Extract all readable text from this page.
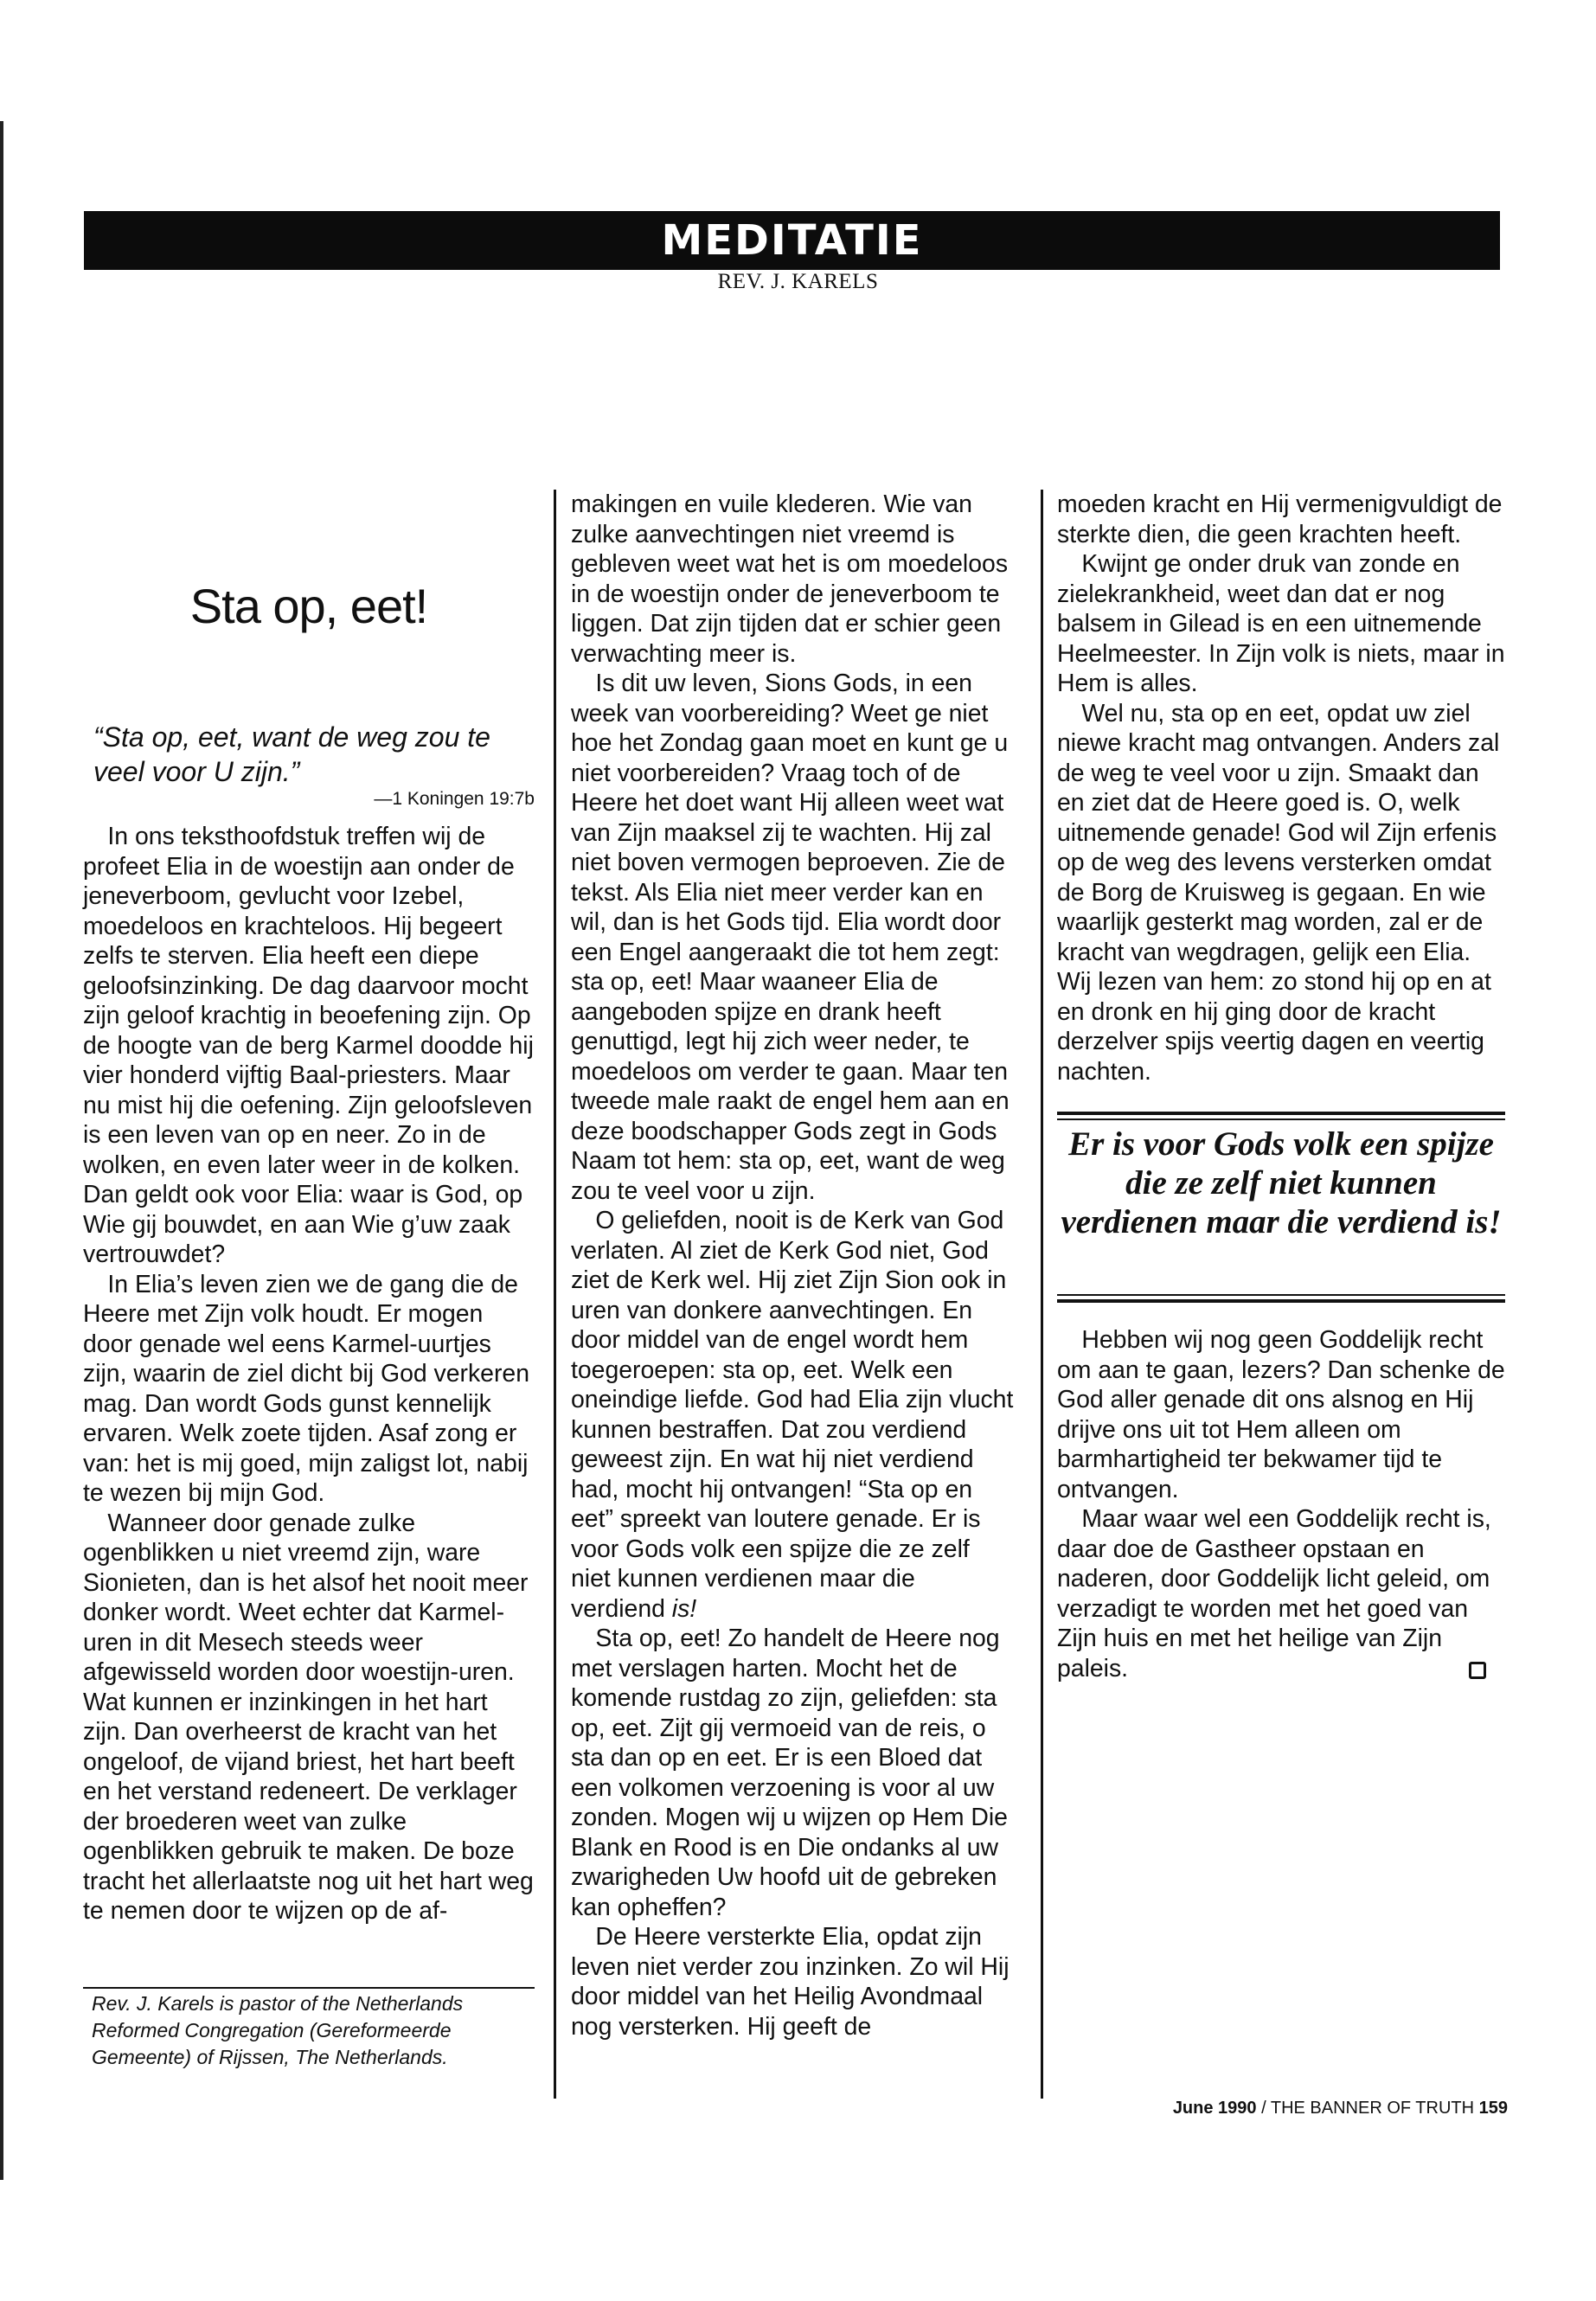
MEDITATIE
REV. J. KARELS
Sta op, eet!
“Sta op, eet, want de weg zou te veel voor U zijn.”
—1 Koningen 19:7b

In ons teksthoofdstuk treffen wij de profeet Elia in de woestijn aan onder de jeneverboom, gevlucht voor Izebel, moedeloos en krachteloos. Hij begeert zelfs te sterven. Elia heeft een diepe geloofsinzinking. De dag daarvoor mocht zijn geloof krachtig in beoefening zijn. Op de hoogte van de berg Karmel doodde hij vier honderd vijftig Baal-priesters. Maar nu mist hij die oefening. Zijn geloofsleven is een leven van op en neer. Zo in de wolken, en even later weer in de kolken. Dan geldt ook voor Elia: waar is God, op Wie gij bouwdet, en aan Wie g’uw zaak vertrouwdet?

In Elia’s leven zien we de gang die de Heere met Zijn volk houdt. Er mogen door genade wel eens Karmel-uurtjes zijn, waarin de ziel dicht bij God verkeren mag. Dan wordt Gods gunst kennelijk ervaren. Welk zoete tijden. Asaf zong er van: het is mij goed, mijn zaligst lot, nabij te wezen bij mijn God.

Wanneer door genade zulke ogenblikken u niet vreemd zijn, ware Sionieten, dan is het alsof het nooit meer donker wordt. Weet echter dat Karmel-uren in dit Mesech steeds weer afgewisseld worden door woestijn-uren. Wat kunnen er inzinkingen in het hart zijn. Dan overheerst de kracht van het ongeloof, de vijand briest, het hart beeft en het verstand redeneert. De verklager der broederen weet van zulke ogenblikken gebruik te maken. De boze tracht het allerlaatste nog uit het hart weg te nemen door te wijzen op de af-

Rev. J. Karels is pastor of the Netherlands Reformed Congregation (Gereformeerde Gemeente) of Rijssen, The Netherlands.

makingen en vuile klederen. Wie van zulke aanvechtingen niet vreemd is gebleven weet wat het is om moedeloos in de woestijn onder de jeneverboom te liggen. Dat zijn tijden dat er schier geen verwachting meer is.

Is dit uw leven, Sions Gods, in een week van voorbereiding? Weet ge niet hoe het Zondag gaan moet en kunt ge u niet voorbereiden? Vraag toch of de Heere het doet want Hij alleen weet wat van Zijn maaksel zij te wachten. Hij zal niet boven vermogen beproeven. Zie de tekst. Als Elia niet meer verder kan en wil, dan is het Gods tijd. Elia wordt door een Engel aangeraakt die tot hem zegt: sta op, eet! Maar waaneer Elia de aangeboden spijze en drank heeft genuttigd, legt hij zich weer neder, te moedeloos om verder te gaan. Maar ten tweede male raakt de engel hem aan en deze boodschapper Gods zegt in Gods Naam tot hem: sta op, eet, want de weg zou te veel voor u zijn.

O geliefden, nooit is de Kerk van God verlaten. Al ziet de Kerk God niet, God ziet de Kerk wel. Hij ziet Zijn Sion ook in uren van donkere aanvechtingen. En door middel van de engel wordt hem toegeroepen: sta op, eet. Welk een oneindige liefde. God had Elia zijn vlucht kunnen bestraffen. Dat zou verdiend geweest zijn. En wat hij niet verdiend had, mocht hij ontvangen! “Sta op en eet” spreekt van loutere genade. Er is voor Gods volk een spijze die ze zelf niet kunnen verdienen maar die verdiend is!

Sta op, eet! Zo handelt de Heere nog met verslagen harten. Mocht het de komende rustdag zo zijn, geliefden: sta op, eet. Zijt gij vermoeid van de reis, o sta dan op en eet. Er is een Bloed dat een volkomen verzoening is voor al uw zonden. Mogen wij u wijzen op Hem Die Blank en Rood is en Die ondanks al uw zwarigheden Uw hoofd uit de gebreken kan opheffen?

De Heere versterkte Elia, opdat zijn leven niet verder zou inzinken. Zo wil Hij door middel van het Heilig Avondmaal nog versterken. Hij geeft de

moeden kracht en Hij vermenigvuldigt de sterkte dien, die geen krachten heeft.

Kwijnt ge onder druk van zonde en zielekrankheid, weet dan dat er nog balsem in Gilead is en een uitnemende Heelmeester. In Zijn volk is niets, maar in Hem is alles.

Wel nu, sta op en eet, opdat uw ziel niewe kracht mag ontvangen. Anders zal de weg te veel voor u zijn. Smaakt dan en ziet dat de Heere goed is. O, welk uitnemende genade! God wil Zijn erfenis op de weg des levens versterken omdat de Borg de Kruisweg is gegaan. En wie waarlijk gesterkt mag worden, zal er de kracht van wegdragen, gelijk een Elia. Wij lezen van hem: zo stond hij op en at en dronk en hij ging door de kracht derzelver spijs veertig dagen en veertig nachten.

Er is voor Gods volk een spijze die ze zelf niet kunnen verdienen maar die verdiend is!

Hebben wij nog geen Goddelijk recht om aan te gaan, lezers? Dan schenke de God aller genade dit ons alsnog en Hij drijve ons uit tot Hem alleen om barmhartigheid ter bekwamer tijd te ontvangen.

Maar waar wel een Goddelijk recht is, daar doe de Gastheer opstaan en naderen, door Goddelijk licht geleid, om verzadigt te worden met het goed van Zijn huis en met het heilige van Zijn paleis.

June 1990 / THE BANNER OF TRUTH 159
